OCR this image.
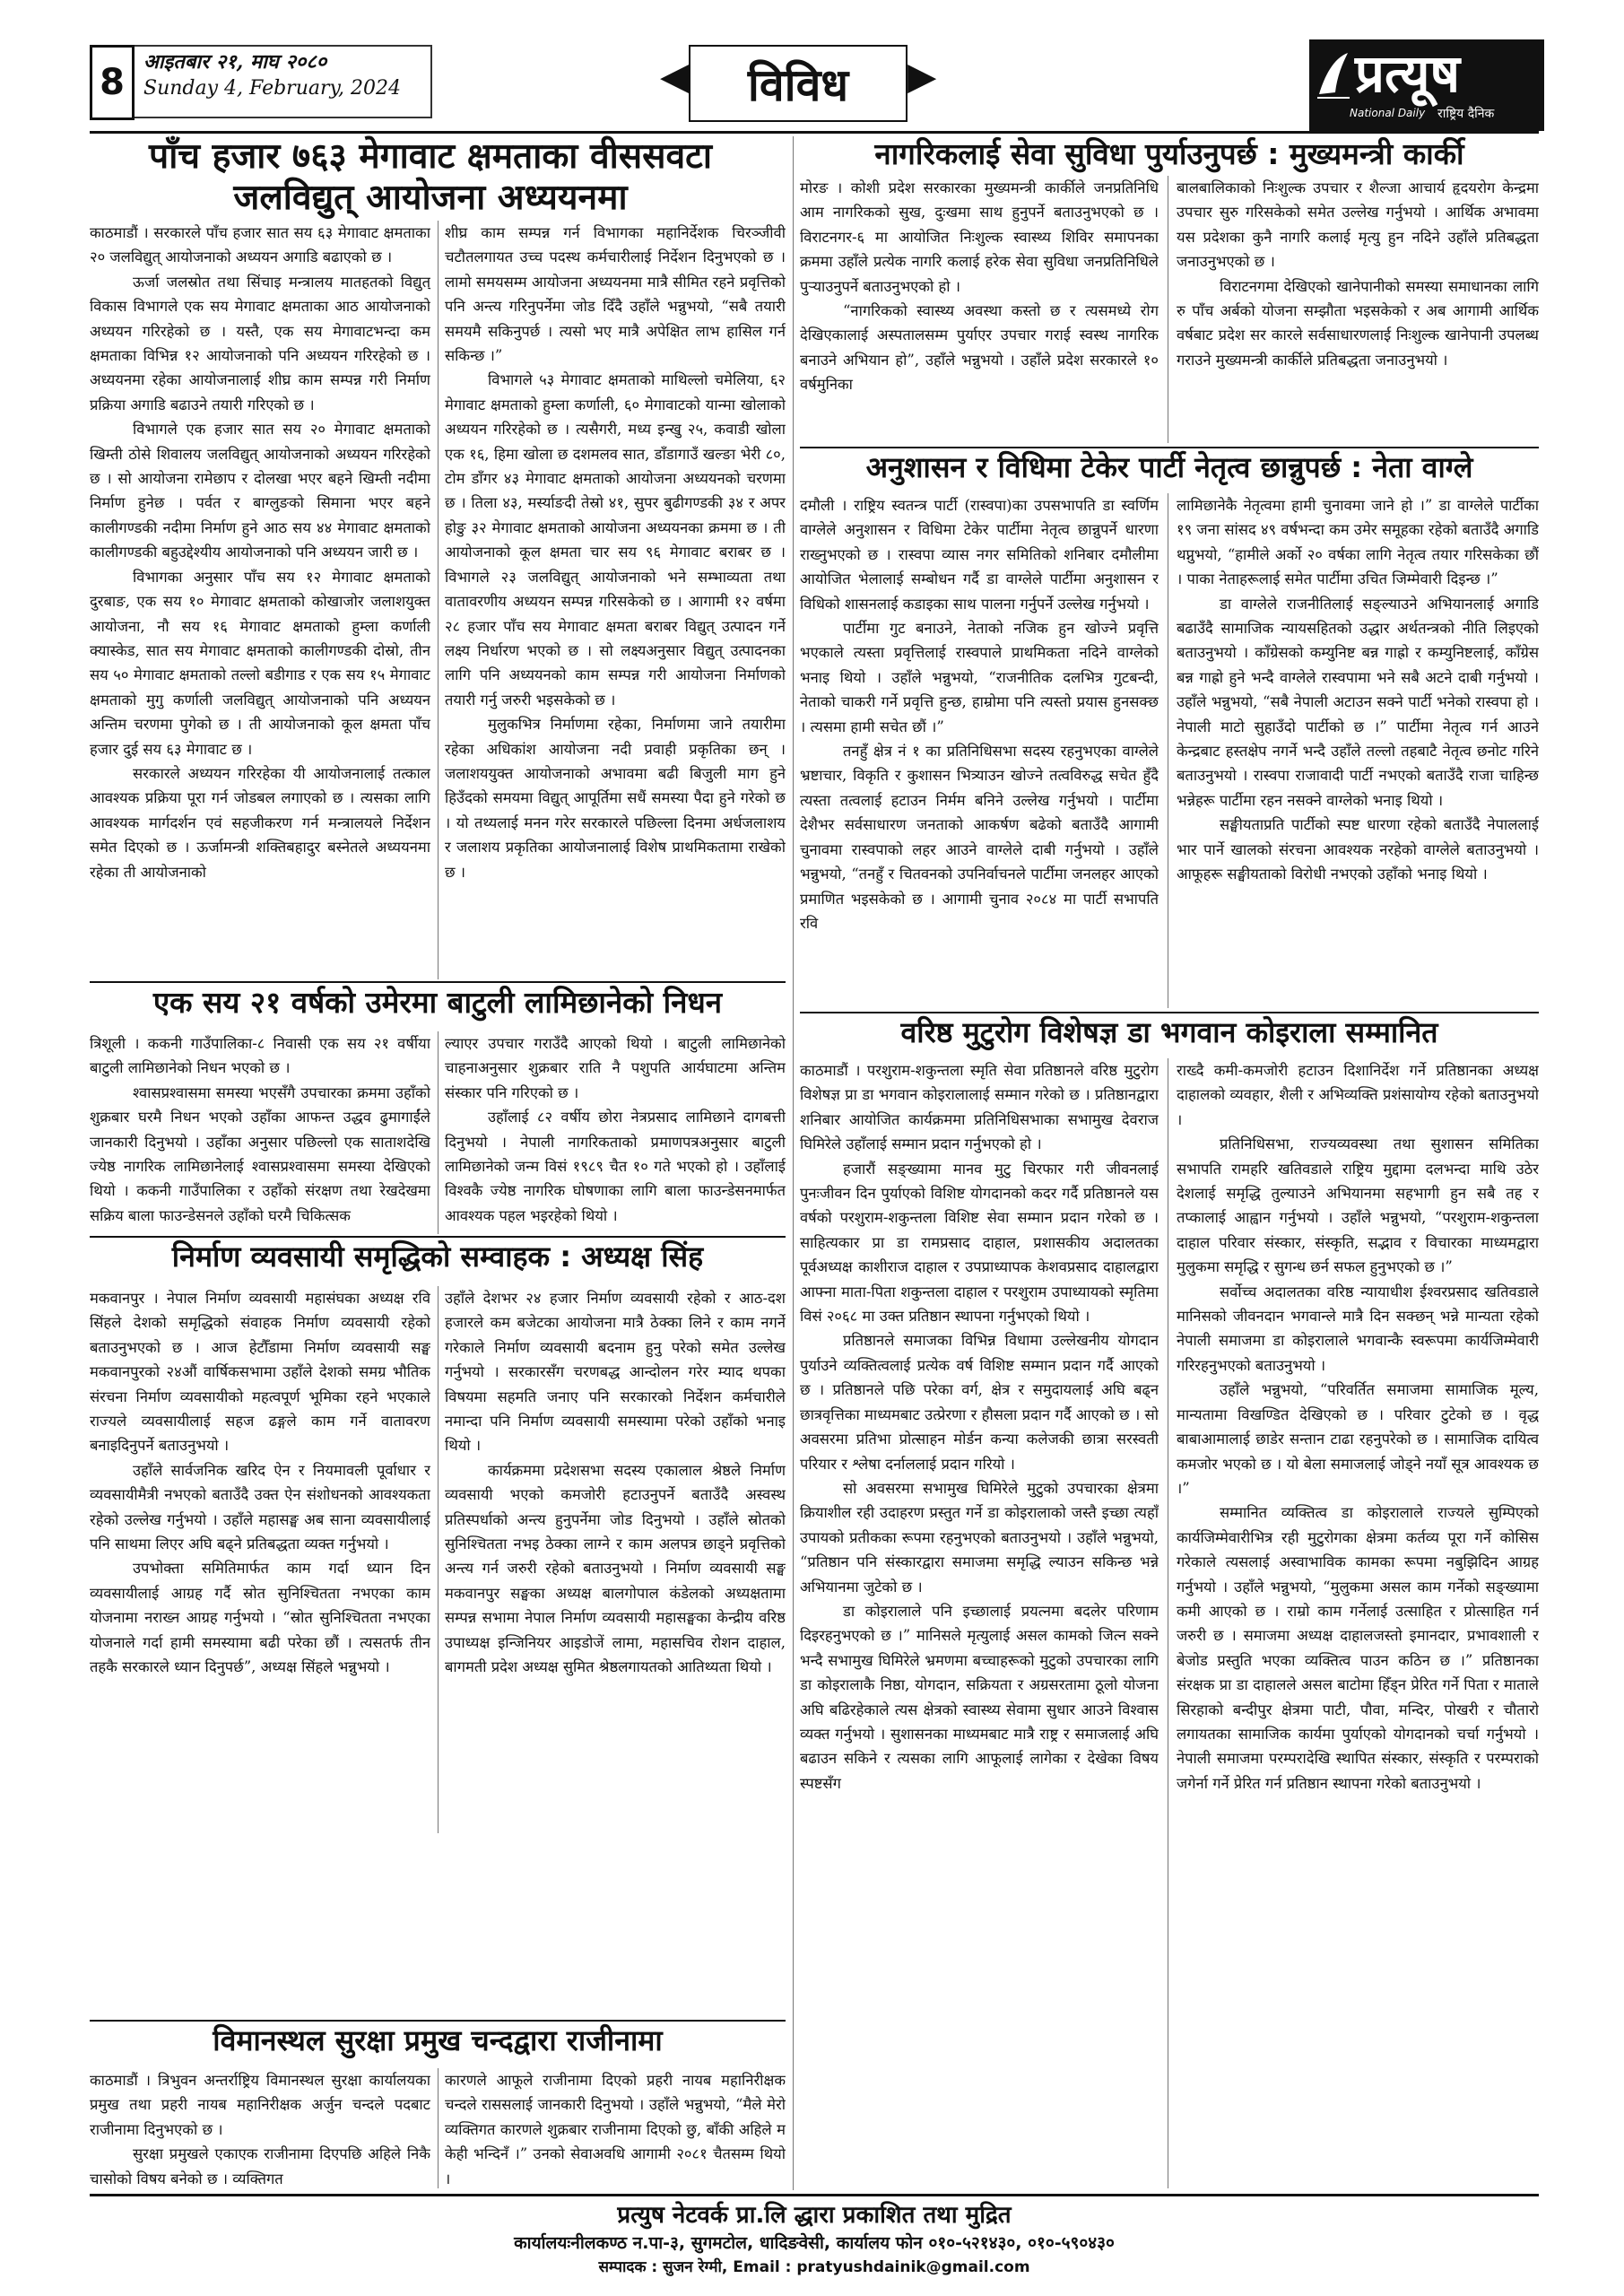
8 आइतबार २१, माघ २०८०
Sunday 4, February, 2024	◀	विविध	▶	प्रत्यूष
National Daily राष्ट्रिय दैनिक
पाँच हजार ७६३ मेगावाट क्षमताका वीससवटा जलविद्युत् आयोजना अध्ययनमा

काठमाडौं । सरकारले पाँच हजार सात सय ६३ मेगावाट क्षमताका २० जलविद्युत् आयोजनाको अध्ययन अगाडि बढाएको छ ।

ऊर्जा जलस्रोत तथा सिंचाइ मन्त्रालय मातहतको विद्युत् विकास विभागले एक सय मेगावाट क्षमताका आठ आयोजनाको अध्ययन गरिरहेको छ । यस्तै, एक सय मेगावाटभन्दा कम क्षमताका विभिन्न १२ आयोजनाको पनि अध्ययन गरिरहेको छ । अध्ययनमा रहेका आयोजनालाई शीघ्र काम सम्पन्न गरी निर्माण प्रक्रिया अगाडि बढाउने तयारी गरिएको छ ।

विभागले एक हजार सात सय २० मेगावाट क्षमताको खिम्ती ठोसे शिवालय जलविद्युत् आयोजनाको अध्ययन गरिरहेको छ । सो आयोजना रामेछाप र दोलखा भएर बहने खिम्ती नदीमा निर्माण हुनेछ । पर्वत र बाग्लुङको सिमाना भएर बहने कालीगण्डकी नदीमा निर्माण हुने आठ सय ४४ मेगावाट क्षमताको कालीगण्डकी बहुउद्देश्यीय आयोजनाको पनि अध्ययन जारी छ ।

विभागका अनुसार पाँच सय १२ मेगावाट क्षमताको दुरबाङ, एक सय १० मेगावाट क्षमताको कोखाजोर जलाशयुक्त आयोजना, नौ सय १६ मेगावाट क्षमताको हुम्ला कर्णाली क्यास्केड, सात सय मेगावाट क्षमताको कालीगण्डकी दोस्रो, तीन सय ५० मेगावाट क्षमताको तल्लो बडीगाड र एक सय १५ मेगावाट क्षमताको मुगु कर्णाली जलविद्युत् आयोजनाको पनि अध्ययन अन्तिम चरणमा पुगेको छ । ती आयोजनाको कूल क्षमता पाँच हजार दुई सय ६३ मेगावाट छ ।

सरकारले अध्ययन गरिरहेका यी आयोजनालाई तत्काल आवश्यक प्रक्रिया पूरा गर्न जोडबल लगाएको छ । त्यसका लागि आवश्यक मार्गदर्शन एवं सहजीकरण गर्न मन्त्रालयले निर्देशन समेत दिएको छ । ऊर्जामन्त्री शक्तिबहादुर बस्नेतले अध्ययनमा रहेका ती आयोजनाको

शीघ्र काम सम्पन्न गर्न विभागका महानिर्देशक चिरञ्जीवी चटौतलगायत उच्च पदस्थ कर्मचारीलाई निर्देशन दिनुभएको छ । लामो समयसम्म आयोजना अध्ययनमा मात्रै सीमित रहने प्रवृत्तिको पनि अन्त्य गरिनुपर्नेमा जोड दिँदै उहाँले भन्नुभयो, “सबै तयारी समयमै सकिनुपर्छ । त्यसो भए मात्रै अपेक्षित लाभ हासिल गर्न सकिन्छ ।”

विभागले ५३ मेगावाट क्षमताको माथिल्लो चमेलिया, ६२ मेगावाट क्षमताको हुम्ला कर्णाली, ६० मेगावाटको यान्मा खोलाको अध्ययन गरिरहेको छ । त्यसैगरी, मध्य इन्खु २५, कवाडी खोला एक १६, हिमा खोला छ दशमलव सात, डाँडागाउँ खल्ङा भेरी ८०, टोम डाँगर ४३ मेगावाट क्षमताको आयोजना अध्ययनको चरणमा छ । तिला ४३, मर्स्याङदी तेस्रो ४१, सुपर बुढीगण्डकी ३४ र अपर होङु ३२ मेगावाट क्षमताको आयोजना अध्ययनका क्रममा छ । ती आयोजनाको कूल क्षमता चार सय ९६ मेगावाट बराबर छ । विभागले २३ जलविद्युत् आयोजनाको भने सम्भाव्यता तथा वातावरणीय अध्ययन सम्पन्न गरिसकेको छ । आगामी १२ वर्षमा २८ हजार पाँच सय मेगावाट क्षमता बराबर विद्युत् उत्पादन गर्ने लक्ष्य निर्धारण भएको छ । सो लक्ष्यअनुसार विद्युत् उत्पादनका लागि पनि अध्ययनको काम सम्पन्न गरी आयोजना निर्माणको तयारी गर्नु जरुरी भइसकेको छ ।

मुलुकभित्र निर्माणमा रहेका, निर्माणमा जाने तयारीमा रहेका अधिकांश आयोजना नदी प्रवाही प्रकृतिका छन् । जलाशययुक्त आयोजनाको अभावमा बढी बिजुली माग हुने हिउँदको समयमा विद्युत् आपूर्तिमा सधैं समस्या पैदा हुने गरेको छ । यो तथ्यलाई मनन गरेर सरकारले पछिल्ला दिनमा अर्धजलाशय र जलाशय प्रकृतिका आयोजनालाई विशेष प्राथमिकतामा राखेको छ ।

एक सय २१ वर्षको उमेरमा बाटुली लामिछानेको निधन

त्रिशूली । ककनी गाउँपालिका-८ निवासी एक सय २१ वर्षीया बाटुली लामिछानेको निधन भएको छ ।

श्वासप्रश्वासमा समस्या भएसँगै उपचारका क्रममा उहाँको शुक्रबार घरमै निधन भएको उहाँका आफन्त उद्धव ढुमागाईंले जानकारी दिनुभयो । उहाँका अनुसार पछिल्लो एक साताशदेखि ज्येष्ठ नागरिक लामिछानेलाई श्वासप्रश्वासमा समस्या देखिएको थियो । ककनी गाउँपालिका र उहाँको संरक्षण तथा रेखदेखमा सक्रिय बाला फाउन्डेसनले उहाँको घरमै चिकित्सक

ल्याएर उपचार गराउँदै आएको थियो । बाटुली लामिछानेको चाहनाअनुसार शुक्रबार राति नै पशुपति आर्यघाटमा अन्तिम संस्कार पनि गरिएको छ ।

उहाँलाई ८२ वर्षीय छोरा नेत्रप्रसाद लामिछाने दागबत्ती दिनुभयो । नेपाली नागरिकताको प्रमाणपत्रअनुसार बाटुली लामिछानेको जन्म विसं १९८९ चैत १० गते भएको हो । उहाँलाई विश्वकै ज्येष्ठ नागरिक घोषणाका लागि बाला फाउन्डेसनमार्फत आवश्यक पहल भइरहेको थियो ।

निर्माण व्यवसायी समृद्धिको सम्वाहक : अध्यक्ष सिंह

मकवानपुर । नेपाल निर्माण व्यवसायी महासंघका अध्यक्ष रवि सिंहले देशको समृद्धिको संवाहक निर्माण व्यवसायी रहेको बताउनुभएको छ । आज हेटौँडामा निर्माण व्यवसायी सङ्घ मकवानपुरको २४औं वार्षिकसभामा उहाँले देशको समग्र भौतिक संरचना निर्माण व्यवसायीको महत्वपूर्ण भूमिका रहने भएकाले राज्यले व्यवसायीलाई सहज ढङ्गले काम गर्ने वातावरण बनाइदिनुपर्ने बताउनुभयो ।

उहाँले सार्वजनिक खरिद ऐन र नियमावली पूर्वाधार र व्यवसायीमैत्री नभएको बताउँदै उक्त ऐन संशोधनको आवश्यकता रहेको उल्लेख गर्नुभयो । उहाँले महासङ्घ अब साना व्यवसायीलाई पनि साथमा लिएर अघि बढ्ने प्रतिबद्धता व्यक्त गर्नुभयो ।

उपभोक्ता समितिमार्फत काम गर्दा ध्यान दिन व्यवसायीलाई आग्रह गर्दै स्रोत सुनिश्चितता नभएका काम योजनामा नराख्न आग्रह गर्नुभयो । “स्रोत सुनिश्चितता नभएका योजनाले गर्दा हामी समस्यामा बढी परेका छौं । त्यसतर्फ तीन तहकै सरकारले ध्यान दिनुपर्छ”, अध्यक्ष सिंहले भन्नुभयो ।

उहाँले देशभर २४ हजार निर्माण व्यवसायी रहेको र आठ-दश हजारले कम बजेटका आयोजना मात्रै ठेक्का लिने र काम नगर्ने गरेकाले निर्माण व्यवसायी बदनाम हुनु परेको समेत उल्लेख गर्नुभयो । सरकारसँग चरणबद्ध आन्दोलन गरेर म्याद थपका विषयमा सहमति जनाए पनि सरकारको निर्देशन कर्मचारीले नमान्दा पनि निर्माण व्यवसायी समस्यामा परेको उहाँको भनाइ थियो ।

कार्यक्रममा प्रदेशसभा सदस्य एकालाल श्रेष्ठले निर्माण व्यवसायी भएको कमजोरी हटाउनुपर्ने बताउँदै अस्वस्थ प्रतिस्पर्धाको अन्त्य हुनुपर्नेमा जोड दिनुभयो । उहाँले स्रोतको सुनिश्चितता नभइ ठेक्का लाग्ने र काम अलपत्र छाड्ने प्रवृत्तिको अन्त्य गर्न जरुरी रहेको बताउनुभयो । निर्माण व्यवसायी सङ्घ मकवानपुर सङ्घका अध्यक्ष बालगोपाल कंडेलको अध्यक्षतामा सम्पन्न सभामा नेपाल निर्माण व्यवसायी महासङ्घका केन्द्रीय वरिष्ठ उपाध्यक्ष इन्जिनियर आइडोजें लामा, महासचिव रोशन दाहाल, बागमती प्रदेश अध्यक्ष सुमित श्रेष्ठलगायतको आतिथ्यता थियो ।

विमानस्थल सुरक्षा प्रमुख चन्दद्वारा राजीनामा

काठमाडौं । त्रिभुवन अन्तर्राष्ट्रिय विमानस्थल सुरक्षा कार्यालयका प्रमुख तथा प्रहरी नायब महानिरीक्षक अर्जुन चन्दले पदबाट राजीनामा दिनुभएको छ ।

सुरक्षा प्रमुखले एकाएक राजीनामा दिएपछि अहिले निकै चासोको विषय बनेको छ । व्यक्तिगत

कारणले आफूले राजीनामा दिएको प्रहरी नायब महानिरीक्षक चन्दले राससलाई जानकारी दिनुभयो । उहाँले भन्नुभयो, “मैले मेरो व्यक्तिगत कारणले शुक्रबार राजीनामा दिएको छु, बाँकी अहिले म केही भन्दिनँ ।” उनको सेवाअवधि आगामी २०८१ चैतसम्म थियो ।

नागरिकलाई सेवा सुविधा पुर्याउनुपर्छ : मुख्यमन्त्री कार्की

मोरङ । कोशी प्रदेश सरकारका मुख्यमन्त्री कार्कीले जनप्रतिनिधि आम नागरिकको सुख, दुःखमा साथ हुनुपर्ने बताउनुभएको छ । विराटनगर-६ मा आयोजित निःशुल्क स्वास्थ्य शिविर समापनका क्रममा उहाँले प्रत्येक नागरि कलाई हरेक सेवा सुविधा जनप्रतिनिधिले पुऱ्याउनुपर्ने बताउनुभएको हो ।

“नागरिकको स्वास्थ्य अवस्था कस्तो छ र त्यसमध्ये रोग देखिएकालाई अस्पतालसम्म पुर्याएर उपचार गराई स्वस्थ नागरिक बनाउने अभियान हो”, उहाँले भन्नुभयो । उहाँले प्रदेश सरकारले १० वर्षमुनिका

बालबालिकाको निःशुल्क उपचार र शैल्जा आचार्य हृदयरोग केन्द्रमा उपचार सुरु गरिसकेको समेत उल्लेख गर्नुभयो । आर्थिक अभावमा यस प्रदेशका कुनै नागरि कलाई मृत्यु हुन नदिने उहाँले प्रतिबद्धता जनाउनुभएको छ ।

विराटनगमा देखिएको खानेपानीको समस्या समाधानका लागि रु पाँच अर्बको योजना सम्झौता भइसकेको र अब आगामी आर्थिक वर्षबाट प्रदेश सर कारले सर्वसाधारणलाई निःशुल्क खानेपानी उपलब्ध गराउने मुख्यमन्त्री कार्कीले प्रतिबद्धता जनाउनुभयो ।

अनुशासन र विधिमा टेकेर पार्टी नेतृत्व छान्नुपर्छ : नेता वाग्ले

दमौली । राष्ट्रिय स्वतन्त्र पार्टी (रास्वपा)का उपसभापति डा स्वर्णिम वाग्लेले अनुशासन र विधिमा टेकेर पार्टीमा नेतृत्व छान्नुपर्ने धारणा राख्नुभएको छ । रास्वपा व्यास नगर समितिको शनिबार दमौलीमा आयोजित भेलालाई सम्बोधन गर्दै डा वाग्लेले पार्टीमा अनुशासन र विधिको शासनलाई कडाइका साथ पालना गर्नुपर्ने उल्लेख गर्नुभयो ।

पार्टीमा गुट बनाउने, नेताको नजिक हुन खोज्ने प्रवृत्ति भएकाले त्यस्ता प्रवृत्तिलाई रास्वपाले प्राथमिकता नदिने वाग्लेको भनाइ थियो । उहाँले भन्नुभयो, “राजनीतिक दलभित्र गुटबन्दी, नेताको चाकरी गर्ने प्रवृत्ति हुन्छ, हाम्रोमा पनि त्यस्तो प्रयास हुनसक्छ । त्यसमा हामी सचेत छौं ।”

तनहुँ क्षेत्र नं १ का प्रतिनिधिसभा सदस्य रहनुभएका वाग्लेले भ्रष्टाचार, विकृति र कुशासन भित्र्याउन खोज्ने तत्वविरुद्ध सचेत हुँदै त्यस्ता तत्वलाई हटाउन निर्मम बनिने उल्लेख गर्नुभयो । पार्टीमा देशैभर सर्वसाधारण जनताको आकर्षण बढेको बताउँदै आगामी चुनावमा रास्वपाको लहर आउने वाग्लेले दाबी गर्नुभयो । उहाँले भन्नुभयो, “तनहुँ र चितवनको उपनिर्वाचनले पार्टीमा जनलहर आएको प्रमाणित भइसकेको छ । आगामी चुनाव २०८४ मा पार्टी सभापति रवि

लामिछानेकै नेतृत्वमा हामी चुनावमा जाने हो ।” डा वाग्लेले पार्टीका १९ जना सांसद ४९ वर्षभन्दा कम उमेर समूहका रहेको बताउँदै अगाडि थप्नुभयो, “हामीले अर्को २० वर्षका लागि नेतृत्व तयार गरिसकेका छौं । पाका नेताहरूलाई समेत पार्टीमा उचित जिम्मेवारी दिइन्छ ।”

डा वाग्लेले राजनीतिलाई सङ्ल्याउने अभियानलाई अगाडि बढाउँदै सामाजिक न्यायसहितको उद्धार अर्थतन्त्रको नीति लिइएको बताउनुभयो । काँग्रेसको कम्युनिष्ट बन्न गाह्रो र कम्युनिष्टलाई, काँग्रेस बन्न गाह्रो हुने भन्दै वाग्लेले रास्वपामा भने सबै अटने दाबी गर्नुभयो । उहाँले भन्नुभयो, “सबै नेपाली अटाउन सक्ने पार्टी भनेको रास्वपा हो । नेपाली माटो सुहाउँदो पार्टीको छ ।” पार्टीमा नेतृत्व गर्न आउने केन्द्रबाट हस्तक्षेप नगर्ने भन्दै उहाँले तल्लो तहबाटै नेतृत्व छनोट गरिने बताउनुभयो । रास्वपा राजावादी पार्टी नभएको बताउँदै राजा चाहिन्छ भन्नेहरू पार्टीमा रहन नसक्ने वाग्लेको भनाइ थियो ।

सङ्घीयताप्रति पार्टीको स्पष्ट धारणा रहेको बताउँदै नेपाललाई भार पार्ने खालको संरचना आवश्यक नरहेको वाग्लेले बताउनुभयो । आफूहरू सङ्घीयताको विरोधी नभएको उहाँको भनाइ थियो ।

वरिष्ठ मुटुरोग विशेषज्ञ डा भगवान कोइराला सम्मानित

काठमाडौं । परशुराम-शकुन्तला स्मृति सेवा प्रतिष्ठानले वरिष्ठ मुटुरोग विशेषज्ञ प्रा डा भगवान कोइरालालाई सम्मान गरेको छ । प्रतिष्ठानद्वारा शनिबार आयोजित कार्यक्रममा प्रतिनिधिसभाका सभामुख देवराज घिमिरेले उहाँलाई सम्मान प्रदान गर्नुभएको हो ।

हजारौं सङ्ख्यामा मानव मुटु चिरफार गरी जीवनलाई पुनःजीवन दिन पुर्याएको विशिष्ट योगदानको कदर गर्दै प्रतिष्ठानले यस वर्षको परशुराम-शकुन्तला विशिष्ट सेवा सम्मान प्रदान गरेको छ । साहित्यकार प्रा डा रामप्रसाद दाहाल, प्रशासकीय अदालतका पूर्वअध्यक्ष काशीराज दाहाल र उपप्राध्यापक केशवप्रसाद दाहालद्वारा आफ्ना माता-पिता शकुन्तला दाहाल र परशुराम उपाध्यायको स्मृतिमा विसं २०६८ मा उक्त प्रतिष्ठान स्थापना गर्नुभएको थियो ।

प्रतिष्ठानले समाजका विभिन्न विधामा उल्लेखनीय योगदान पुर्याउने व्यक्तित्वलाई प्रत्येक वर्ष विशिष्ट सम्मान प्रदान गर्दै आएको छ । प्रतिष्ठानले पछि परेका वर्ग, क्षेत्र र समुदायलाई अघि बढ्न छात्रवृत्तिका माध्यमबाट उत्प्रेरणा र हौसला प्रदान गर्दै आएको छ । सो अवसरमा प्रतिभा प्रोत्साहन मोर्डन कन्या कलेजकी छात्रा सरस्वती परियार र श्लेषा दर्नाललाई प्रदान गरियो ।

सो अवसरमा सभामुख घिमिरेले मुटुको उपचारका क्षेत्रमा क्रियाशील रही उदाहरण प्रस्तुत गर्ने डा कोइरालाको जस्तै इच्छा त्यहाँ उपायको प्रतीकका रूपमा रहनुभएको बताउनुभयो । उहाँले भन्नुभयो, “प्रतिष्ठान पनि संस्कारद्वारा समाजमा समृद्धि ल्याउन सकिन्छ भन्ने अभियानमा जुटेको छ ।

डा कोइरालाले पनि इच्छालाई प्रयत्नमा बदलेर परिणाम दिइरहनुभएको छ ।” मानिसले मृत्युलाई असल कामको जित्न सक्ने भन्दै सभामुख घिमिरेले भ्रमणमा बच्चाहरूको मुटुको उपचारका लागि डा कोइरालाकै निष्ठा, योगदान, सक्रियता र अग्रसरतामा ठूलो योजना अघि बढिरहेकाले त्यस क्षेत्रको स्वास्थ्य सेवामा सुधार आउने विश्वास व्यक्त गर्नुभयो । सुशासनका माध्यमबाट मात्रै राष्ट्र र समाजलाई अघि बढाउन सकिने र त्यसका लागि आफूलाई लागेका र देखेका विषय स्पष्टसँग

राख्दै कमी-कमजोरी हटाउन दिशानिर्देश गर्ने प्रतिष्ठानका अध्यक्ष दाहालको व्यवहार, शैली र अभिव्यक्ति प्रशंसायोग्य रहेको बताउनुभयो ।

प्रतिनिधिसभा, राज्यव्यवस्था तथा सुशासन समितिका सभापति रामहरि खतिवडाले राष्ट्रिय मुद्दामा दलभन्दा माथि उठेर देशलाई समृद्धि तुल्याउने अभियानमा सहभागी हुन सबै तह र तप्कालाई आह्वान गर्नुभयो । उहाँले भन्नुभयो, “परशुराम-शकुन्तला दाहाल परिवार संस्कार, संस्कृति, सद्भाव र विचारका माध्यमद्वारा मुलुकमा समृद्धि र सुगन्ध छर्न सफल हुनुभएको छ ।”

सर्वोच्च अदालतका वरिष्ठ न्यायाधीश ईश्वरप्रसाद खतिवडाले मानिसको जीवनदान भगवान्ले मात्रै दिन सक्छन् भन्ने मान्यता रहेको नेपाली समाजमा डा कोइरालाले भगवान्कै स्वरूपमा कार्यजिम्मेवारी गरिरहनुभएको बताउनुभयो ।

उहाँले भन्नुभयो, “परिवर्तित समाजमा सामाजिक मूल्य, मान्यतामा विखण्डित देखिएको छ । परिवार टुटेको छ । वृद्ध बाबाआमालाई छाडेर सन्तान टाढा रहनुपरेको छ । सामाजिक दायित्व कमजोर भएको छ । यो बेला समाजलाई जोड्ने नयाँ सूत्र आवश्यक छ ।”

सम्मानित व्यक्तित्व डा कोइरालाले राज्यले सुम्पिएको कार्यजिम्मेवारीभित्र रही मुटुरोगका क्षेत्रमा कर्तव्य पूरा गर्ने कोसिस गरेकाले त्यसलाई अस्वाभाविक कामका रूपमा नबुझिदिन आग्रह गर्नुभयो । उहाँले भन्नुभयो, “मुलुकमा असल काम गर्नेको सङ्ख्यामा कमी आएको छ । राम्रो काम गर्नेलाई उत्साहित र प्रोत्साहित गर्न जरुरी छ । समाजमा अध्यक्ष दाहालजस्तो इमानदार, प्रभावशाली र बेजोड प्रस्तुति भएका व्यक्तित्व पाउन कठिन छ ।” प्रतिष्ठानका संरक्षक प्रा डा दाहालले असल बाटोमा हिँड्न प्रेरित गर्ने पिता र माताले सिरहाको बन्दीपुर क्षेत्रमा पाटी, पौवा, मन्दिर, पोखरी र चौतारो लगायतका सामाजिक कार्यमा पुर्याएको योगदानको चर्चा गर्नुभयो । नेपाली समाजमा परम्परादेखि स्थापित संस्कार, संस्कृति र परम्पराको जगेर्ना गर्ने प्रेरित गर्न प्रतिष्ठान स्थापना गरेको बताउनुभयो ।

प्रत्युष नेटवर्क प्रा.लि द्धारा प्रकाशित तथा मुद्रित
कार्यालयःनीलकण्ठ न.पा-३, सुगमटोल, धादिङवेसी, कार्यालय फोन ०१०-५२१४३०, ०१०-५९०४३०
सम्पादक : सुजन रेग्मी, Email : pratyushdainik@gmail.com
